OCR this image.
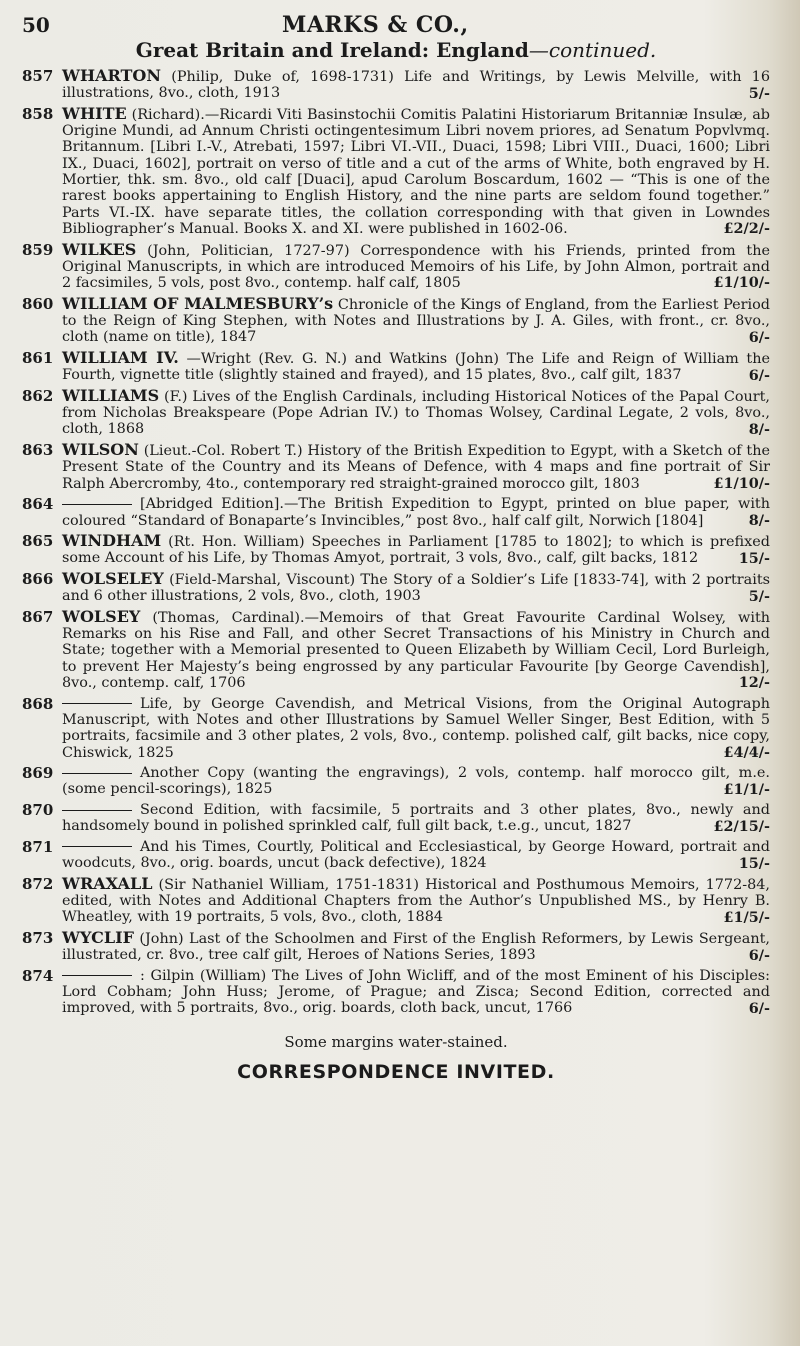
50	MARKS & CO.,
Great Britain and Ireland: England—continued.
857 WHARTON (Philip, Duke of, 1698-1731) Life and Writings, by Lewis Melville, with 16 illustrations, 8vo., cloth, 1913	5/-
858 WHITE (Richard).—Ricardi Viti Basinstochii Comitis Palatini Historiarum Britanniæ Insulæ, ab Origine Mundi, ad Annum Christi octingentesimum Libri novem priores, ad Senatum Popvlvmq. Britannum. [Libri I.-V., Atrebati, 1597; Libri VI.-VII., Duaci, 1598; Libri VIII., Duaci, 1600; Libri IX., Duaci, 1602], portrait on verso of title and a cut of the arms of White, both engraved by H. Mortier, thk. sm. 8vo., old calf [Duaci], apud Carolum Boscardum, 1602 — “This is one of the rarest books appertaining to English History, and the nine parts are seldom found together.” Parts VI.-IX. have separate titles, the collation corresponding with that given in Lowndes Bibliographer’s Manual. Books X. and XI. were published in 1602-06.	£2/2/-
859 WILKES (John, Politician, 1727-97) Correspondence with his Friends, printed from the Original Manuscripts, in which are introduced Memoirs of his Life, by John Almon, portrait and 2 facsimiles, 5 vols, post 8vo., contemp. half calf, 1805	£1/10/-
860 WILLIAM OF MALMESBURY’s Chronicle of the Kings of England, from the Earliest Period to the Reign of King Stephen, with Notes and Illustrations by J. A. Giles, with front., cr. 8vo., cloth (name on title), 1847	6/-
861 WILLIAM IV. —Wright (Rev. G. N.) and Watkins (John) The Life and Reign of William the Fourth, vignette title (slightly stained and frayed), and 15 plates, 8vo., calf gilt, 1837	6/-
862 WILLIAMS (F.) Lives of the English Cardinals, including Historical Notices of the Papal Court, from Nicholas Breakspeare (Pope Adrian IV.) to Thomas Wolsey, Cardinal Legate, 2 vols, 8vo., cloth, 1868	8/-
863 WILSON (Lieut.-Col. Robert T.) History of the British Expedition to Egypt, with a Sketch of the Present State of the Country and its Means of Defence, with 4 maps and fine portrait of Sir Ralph Abercromby, 4to., contemporary red straight-grained morocco gilt, 1803	£1/10/-
864	[Abridged Edition].—The British Expedition to Egypt, printed on blue paper, with coloured “Standard of Bonaparte’s Invincibles,” post 8vo., half calf gilt, Norwich [1804]	8/-
865 WINDHAM (Rt. Hon. William) Speeches in Parliament [1785 to 1802]; to which is prefixed some Account of his Life, by Thomas Amyot, portrait, 3 vols, 8vo., calf, gilt backs, 1812	15/-
866 WOLSELEY (Field-Marshal, Viscount) The Story of a Soldier’s Life [1833-74], with 2 portraits and 6 other illustrations, 2 vols, 8vo., cloth, 1903	5/-
867 WOLSEY (Thomas, Cardinal).—Memoirs of that Great Favourite Cardinal Wolsey, with Remarks on his Rise and Fall, and other Secret Transactions of his Ministry in Church and State; together with a Memorial presented to Queen Elizabeth by William Cecil, Lord Burleigh, to prevent Her Majesty’s being engrossed by any particular Favourite [by George Cavendish], 8vo., contemp. calf, 1706	12/-
868	Life, by George Cavendish, and Metrical Visions, from the Original Autograph Manuscript, with Notes and other Illustrations by Samuel Weller Singer, Best Edition, with 5 portraits, facsimile and 3 other plates, 2 vols, 8vo., contemp. polished calf, gilt backs, nice copy, Chiswick, 1825	£4/4/-
869	Another Copy (wanting the engravings), 2 vols, contemp. half morocco gilt, m.e. (some pencil-scorings), 1825	£1/1/-
870	Second Edition, with facsimile, 5 portraits and 3 other plates, 8vo., newly and handsomely bound in polished sprinkled calf, full gilt back, t.e.g., uncut, 1827	£2/15/-
871	And his Times, Courtly, Political and Ecclesiastical, by George Howard, portrait and woodcuts, 8vo., orig. boards, uncut (back defective), 1824	15/-
872 WRAXALL (Sir Nathaniel William, 1751-1831) Historical and Posthumous Memoirs, 1772-84, edited, with Notes and Additional Chapters from the Author’s Unpublished MS., by Henry B. Wheatley, with 19 portraits, 5 vols, 8vo., cloth, 1884	£1/5/-
873 WYCLIF (John) Last of the Schoolmen and First of the English Reformers, by Lewis Sergeant, illustrated, cr. 8vo., tree calf gilt, Heroes of Nations Series, 1893	6/-
874	: Gilpin (William) The Lives of John Wicliff, and of the most Eminent of his Disciples: Lord Cobham; John Huss; Jerome, of Prague; and Zisca; Second Edition, corrected and improved, with 5 portraits, 8vo., orig. boards, cloth back, uncut, 1766	6/-
Some margins water-stained.
CORRESPONDENCE INVITED.
